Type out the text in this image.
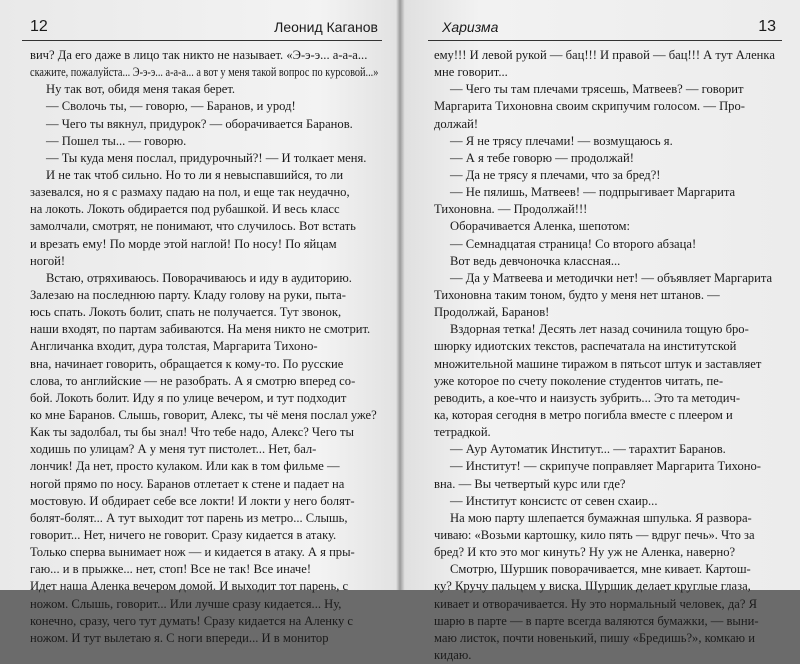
12	Леонид Каганов
вич? Да его даже в лицо так никто не называет. «Э-э-э... а-а-а...
скажите, пожалуйста... Э-э-э... а-а-а... а вот у меня такой вопрос по курсовой...»
Ну так вот, обидя меня такая берет.
— Сволочь ты, — говорю, — Баранов, и урод!
— Чего ты вякнул, придурок? — оборачивается Баранов.
— Пошел ты... — говорю.
— Ты куда меня послал, придурочный?! — И толкает меня.
И не так чтоб сильно. Но то ли я невыспавшийся, то ли
зазевался, но я с размаху падаю на пол, и еще так неудачно,
на локоть. Локоть обдирается под рубашкой. И весь класс
замолчали, смотрят, не понимают, что случилось. Вот встать
и врезать ему! По морде этой наглой! По носу! По яйцам
ногой!
Встаю, отряхиваюсь. Поворачиваюсь и иду в аудиторию.
Залезаю на последнюю парту. Кладу голову на руки, пыта-
юсь спать. Локоть болит, спать не получается. Тут звонок,
наши входят, по партам забиваются. На меня никто не смотрит.
Англичанка входит, дура толстая, Маргарита Тихоно-
вна, начинает говорить, обращается к кому-то. По русские
слова, то английские — не разобрать. А я смотрю вперед со-
бой. Локоть болит. Иду я по улице вечером, и тут подходит
ко мне Баранов. Слышь, говорит, Алекс, ты чё меня послал уже?
Как ты задолбал, ты бы знал! Что тебе надо, Алекс? Чего ты
ходишь по улицам? А у меня тут пистолет... Нет, бал-
лончик! Да нет, просто кулаком. Или как в том фильме —
ногой прямо по носу. Баранов отлетает к стене и падает на
мостовую. И обдирает себе все локти! И локти у него болят-
болят-болят... А тут выходит тот парень из метро... Слышь,
говорит... Нет, ничего не говорит. Сразу кидается в атаку.
Только сперва вынимает нож — и кидается в атаку. А я пры-
гаю... и в прыжке... нет, стоп! Все не так! Все иначе!
Идет наша Аленка вечером домой. И выходит тот парень, с
ножом. Слышь, говорит... Или лучше сразу кидается... Ну,
конечно, сразу, чего тут думать! Сразу кидается на Аленку с
ножом. И тут вылетаю я. С ноги впереди... И в монитор
Харизма	13
ему!!! И левой рукой — бац!!! И правой — бац!!! А тут Аленка
мне говорит...
— Чего ты там плечами трясешь, Матвеев? — говорит
Маргарита Тихоновна своим скрипучим голосом. — Про-
должай!
— Я не трясу плечами! — возмущаюсь я.
— А я тебе говорю — продолжай!
— Да не трясу я плечами, что за бред?!
— Не пялишь, Матвеев! — подпрыгивает Маргарита
Тихоновна. — Продолжай!!!
Оборачивается Аленка, шепотом:
— Семнадцатая страница! Со второго абзаца!
Вот ведь девчоночка класcная...
— Да у Матвеева и методички нет! — объявляет Маргарита
Тихоновна таким тоном, будто у меня нет штанов. —
Продолжай, Баранов!
Вздорная тетка! Десять лет назад сочинила тощую бро-
шюрку идиотских текстов, распечатала на институтской
множительной машине тиражом в пятьсот штук и заставляет
уже которое по счету поколение студентов читать, пе-
реводить, а кое-что и наизусть зубрить... Это та методич-
ка, которая сегодня в метро погибла вместе с плеером и
тетрадкой.
— Аур Аутоматик Институт... — тарахтит Баранов.
— Институт! — скрипуче поправляет Маргарита Тихоно-
вна. — Вы четвертый курс или где?
— Институт консистc от севен схаир...
На мою парту шлепается бумажная шпулька. Я развора-
чиваю: «Возьми картошку, кило пять — вдруг печь». Что за
бред? И кто это мог кинуть? Ну уж не Аленка, наверно?
Смотрю, Шуршик поворачивается, мне кивает. Картош-
ку? Кручу пальцем у виска. Шуршик делает круглые глаза,
кивает и отворачивается. Ну это нормальный человек, да? Я
шарю в парте — в парте всегда валяются бумажки, — выни-
маю листок, почти новенький, пишу «Бредишь?», комкаю и
кидаю.
